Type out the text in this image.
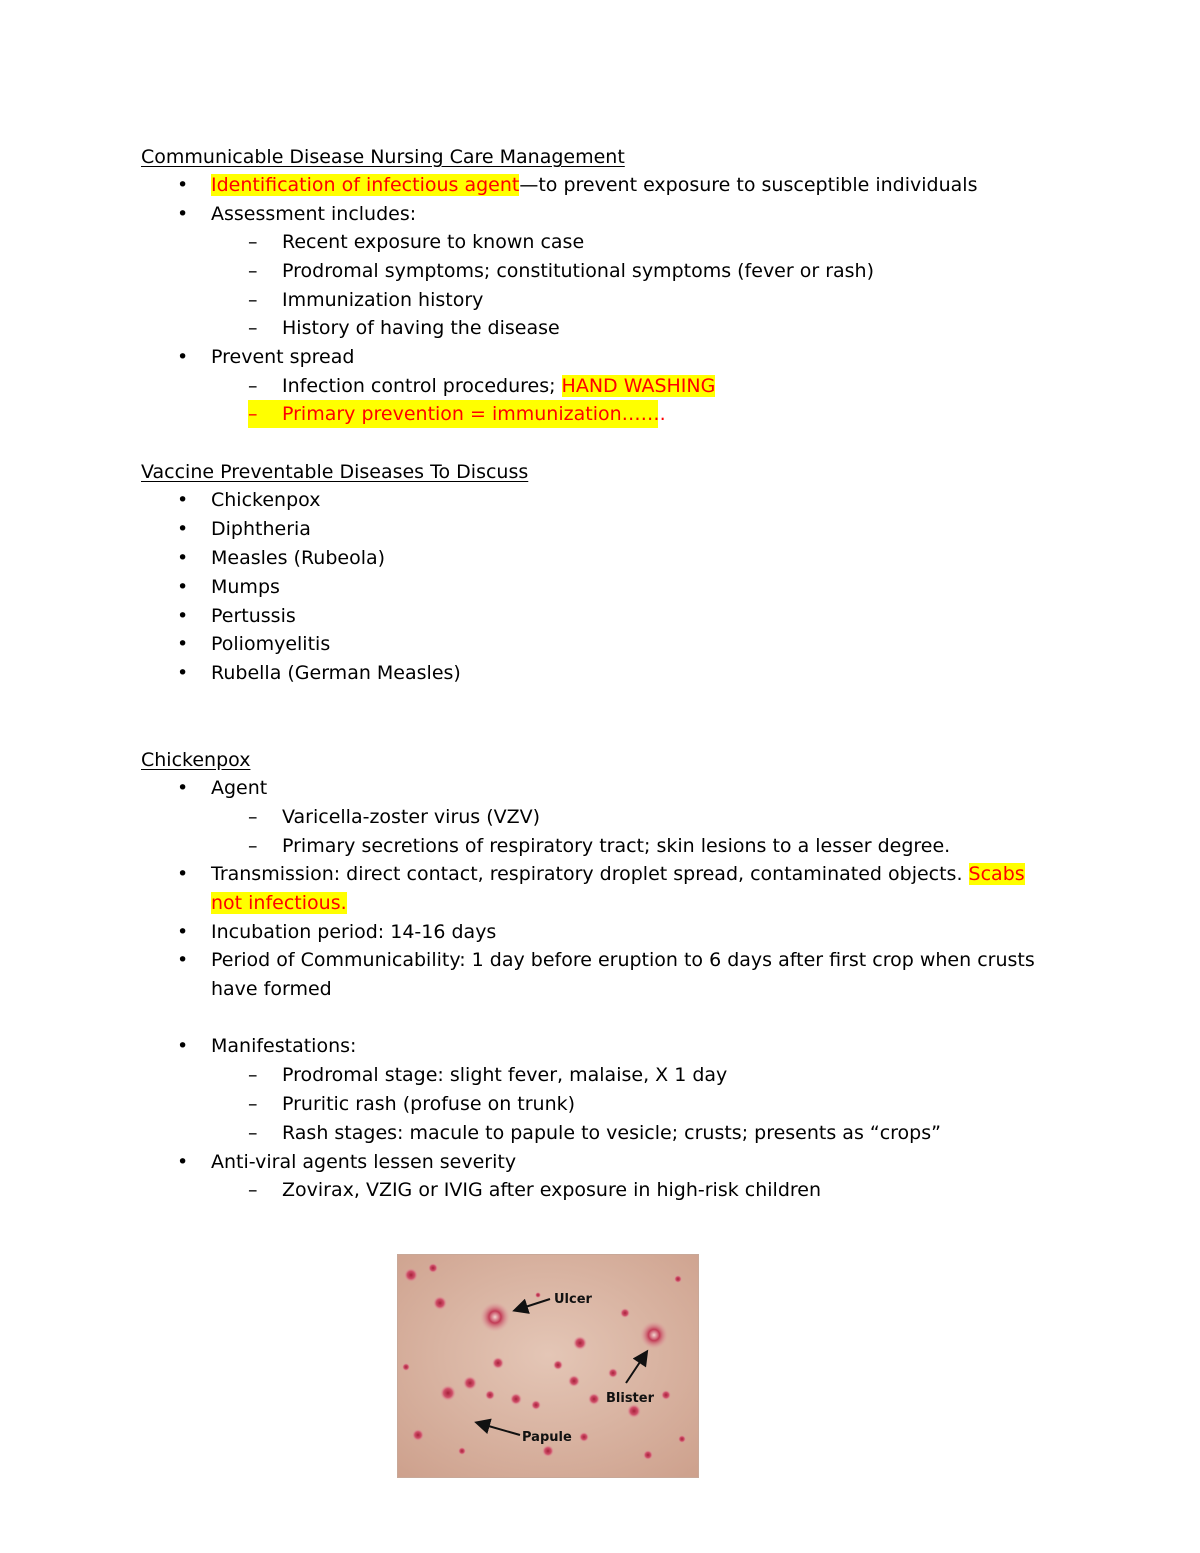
Communicable Disease Nursing Care Management
• Identification of infectious agent—to prevent exposure to susceptible individuals
• Assessment includes:
– Recent exposure to known case
– Prodromal symptoms; constitutional symptoms (fever or rash)
– Immunization history
– History of having the disease
• Prevent spread
– Infection control procedures; HAND WASHING
– Primary prevention = immunization…….
Vaccine Preventable Diseases To Discuss
• Chickenpox
• Diphtheria
• Measles (Rubeola)
• Mumps
• Pertussis
• Poliomyelitis
• Rubella (German Measles)
Chickenpox
• Agent
– Varicella-zoster virus (VZV)
– Primary secretions of respiratory tract; skin lesions to a lesser degree.
• Transmission: direct contact, respiratory droplet spread, contaminated objects. Scabs
not infectious.
• Incubation period: 14-16 days
• Period of Communicability: 1 day before eruption to 6 days after first crop when crusts
have formed
• Manifestations:
– Prodromal stage: slight fever, malaise, X 1 day
– Pruritic rash (profuse on trunk)
– Rash stages: macule to papule to vesicle; crusts; presents as “crops”
• Anti-viral agents lessen severity
– Zovirax, VZIG or IVIG after exposure in high-risk children
Ulcer
Blister
Papule
